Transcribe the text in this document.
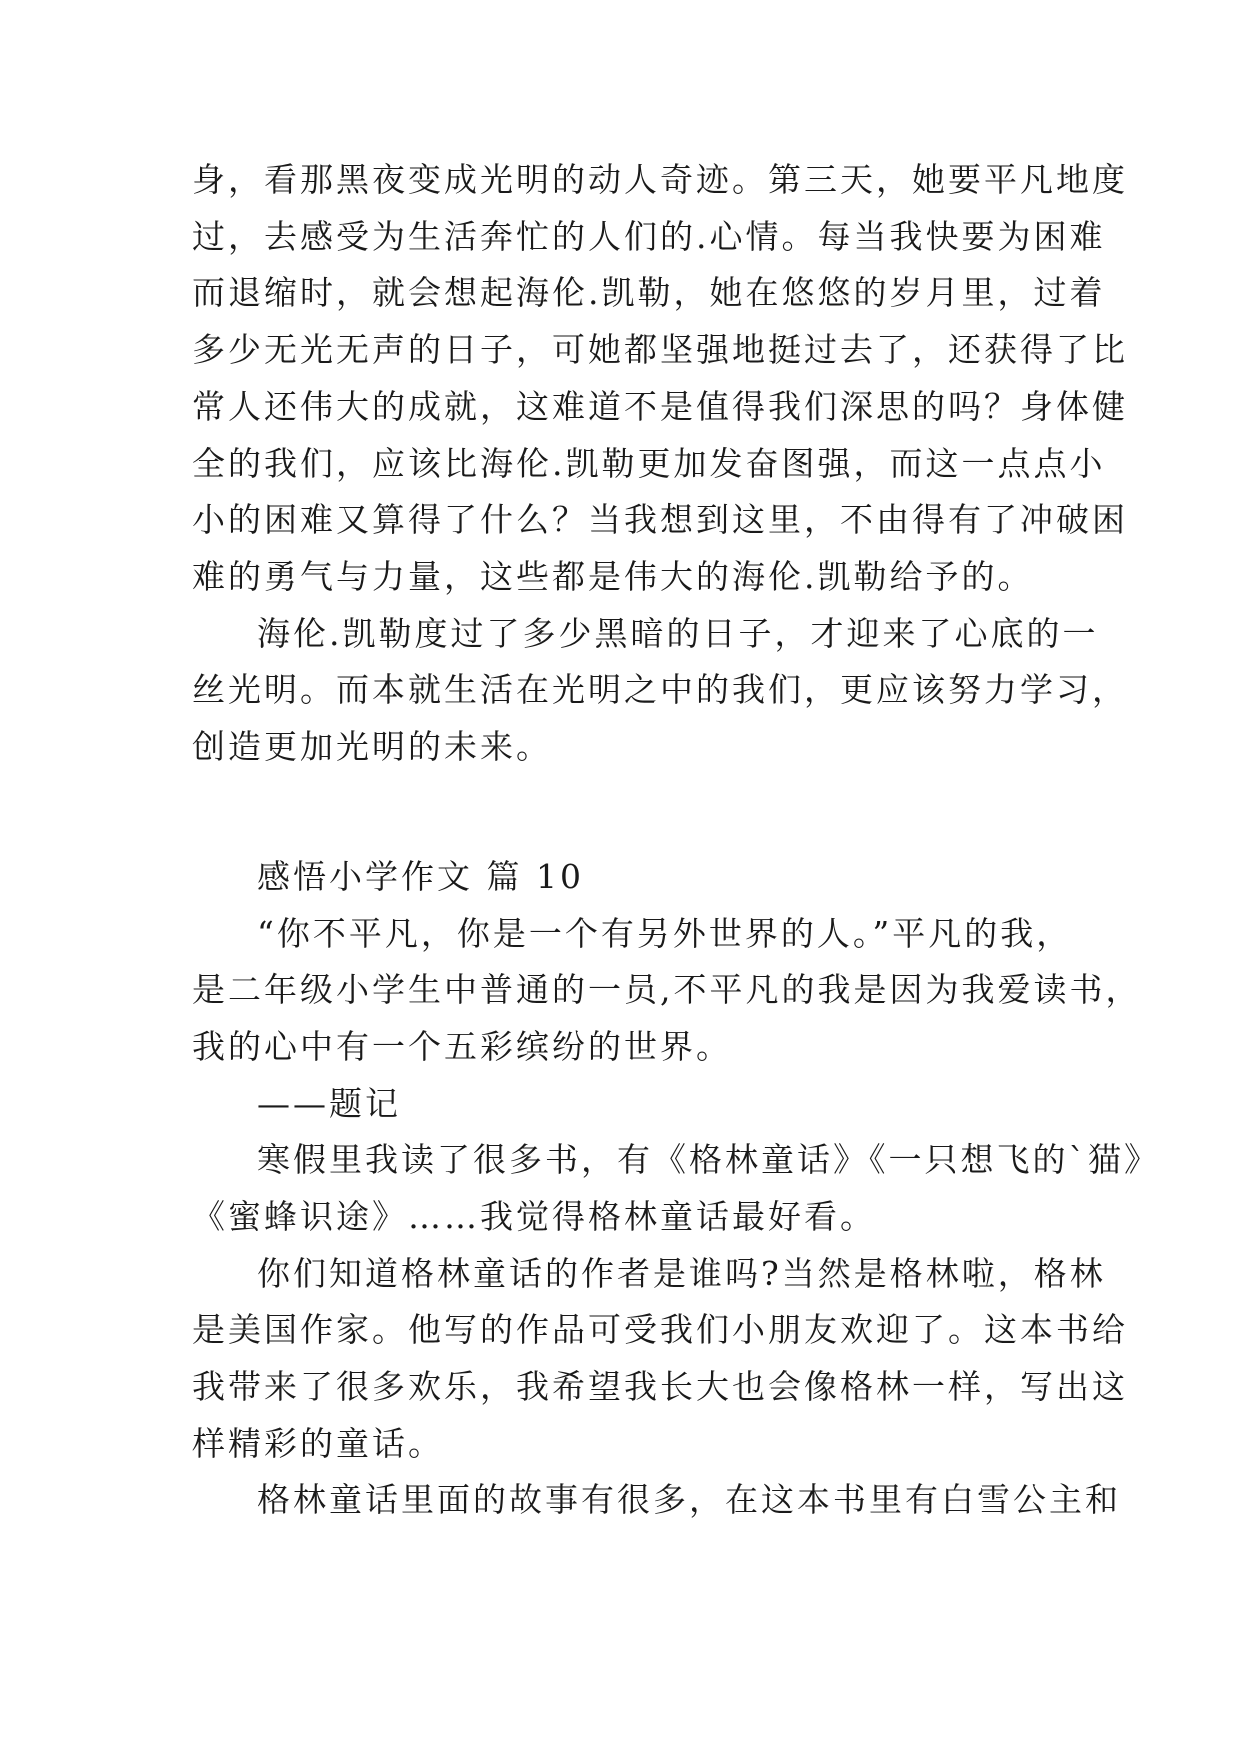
身，看那黑夜变成光明的动人奇迹。第三天，她要平凡地度
过，去感受为生活奔忙的人们的.心情。每当我快要为困难
而退缩时，就会想起海伦.凯勒，她在悠悠的岁月里，过着
多少无光无声的日子，可她都坚强地挺过去了，还获得了比
常人还伟大的成就，这难道不是值得我们深思的吗？身体健
全的我们，应该比海伦.凯勒更加发奋图强，而这一点点小
小的困难又算得了什么？当我想到这里，不由得有了冲破困
难的勇气与力量，这些都是伟大的海伦.凯勒给予的。
海伦.凯勒度过了多少黑暗的日子，才迎来了心底的一
丝光明。而本就生活在光明之中的我们，更应该努力学习，
创造更加光明的未来。
感悟小学作文 篇 10
“你不平凡，你是一个有另外世界的人。”平凡的我，
是二年级小学生中普通的一员,不平凡的我是因为我爱读书，
我的心中有一个五彩缤纷的世界。
——题记
寒假里我读了很多书，有《格林童话》《一只想飞的`猫》
《蜜蜂识途》……我觉得格林童话最好看。
你们知道格林童话的作者是谁吗?当然是格林啦，格林
是美国作家。他写的作品可受我们小朋友欢迎了。这本书给
我带来了很多欢乐，我希望我长大也会像格林一样，写出这
样精彩的童话。
格林童话里面的故事有很多，在这本书里有白雪公主和
